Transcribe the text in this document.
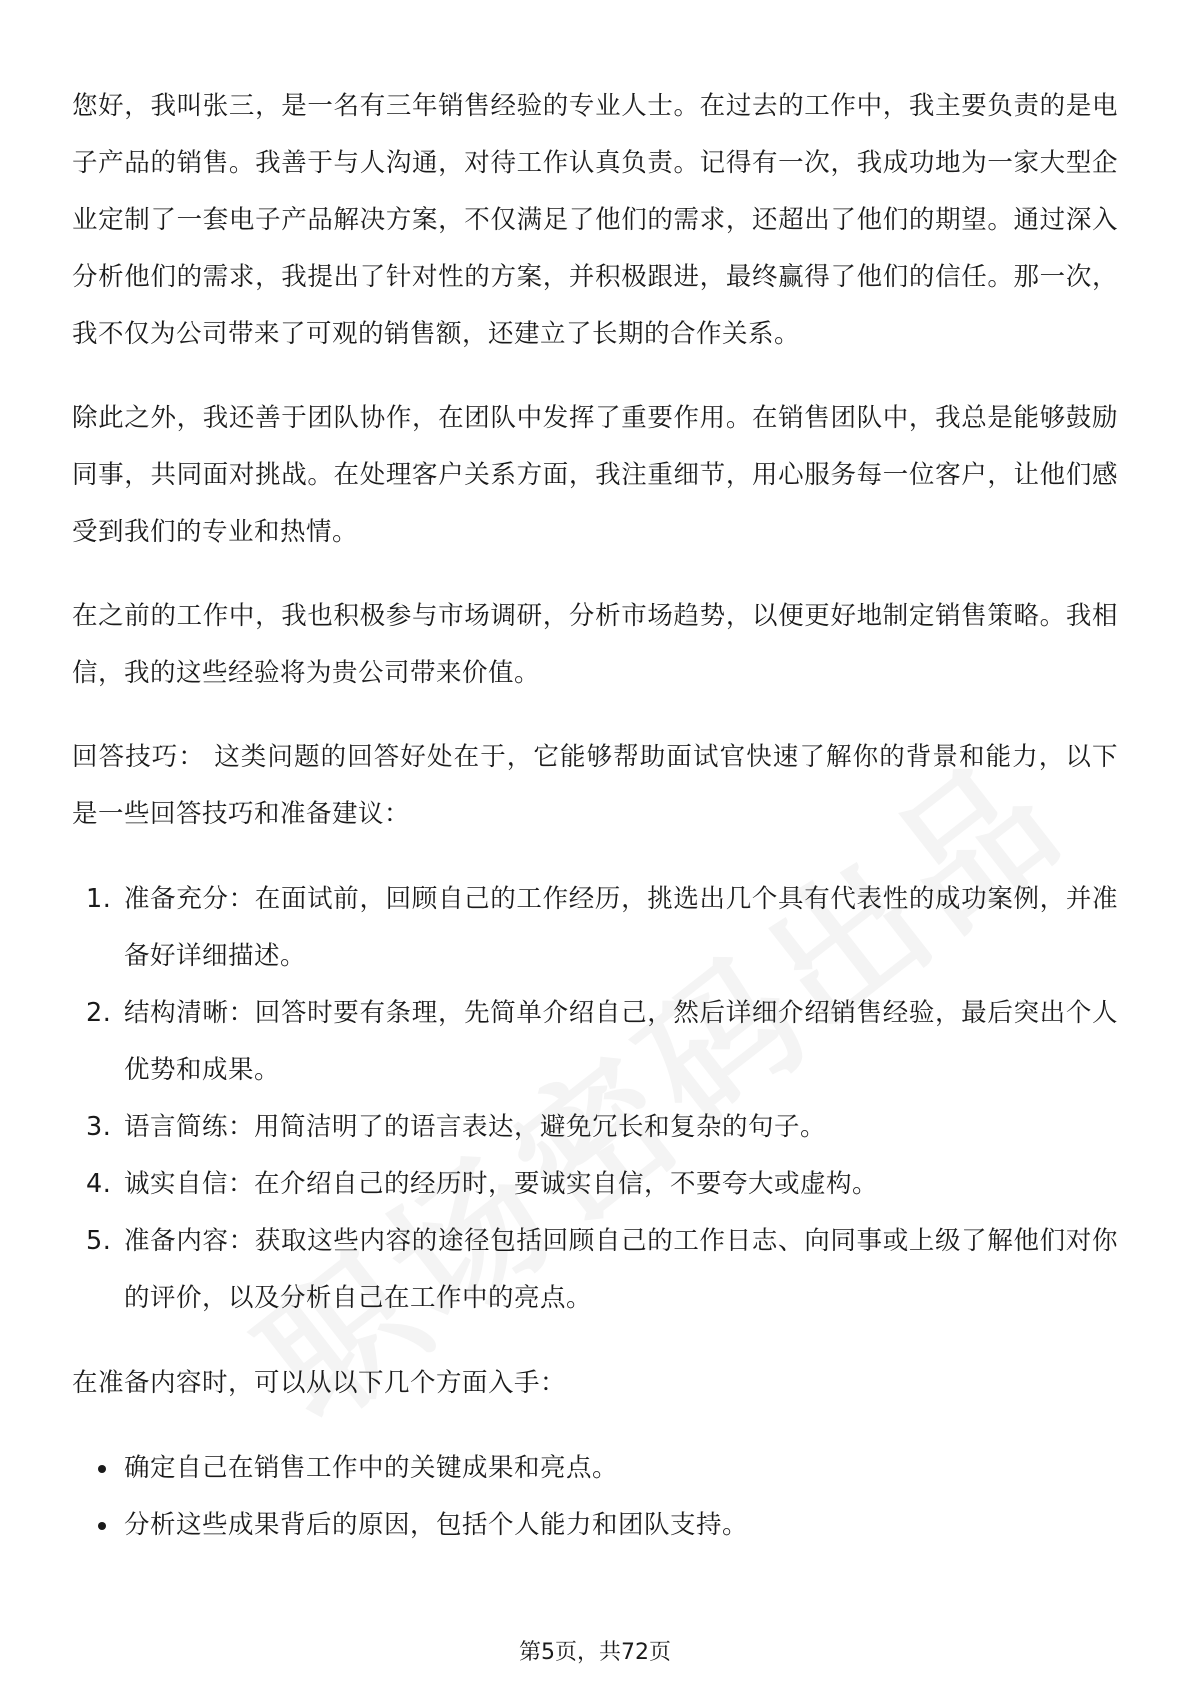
您好，我叫张三，是一名有三年销售经验的专业人士。在过去的工作中，我主要负责的是电子产品的销售。我善于与人沟通，对待工作认真负责。记得有一次，我成功地为一家大型企业定制了一套电子产品解决方案，不仅满足了他们的需求，还超出了他们的期望。通过深入分析他们的需求，我提出了针对性的方案，并积极跟进，最终赢得了他们的信任。那一次，我不仅为公司带来了可观的销售额，还建立了长期的合作关系。

除此之外，我还善于团队协作，在团队中发挥了重要作用。在销售团队中，我总是能够鼓励同事，共同面对挑战。在处理客户关系方面，我注重细节，用心服务每一位客户，让他们感受到我们的专业和热情。

在之前的工作中，我也积极参与市场调研，分析市场趋势，以便更好地制定销售策略。我相信，我的这些经验将为贵公司带来价值。

回答技巧： 这类问题的回答好处在于，它能够帮助面试官快速了解你的背景和能力，以下是一些回答技巧和准备建议：

1. 准备充分：在面试前，回顾自己的工作经历，挑选出几个具有代表性的成功案例，并准备好详细描述。
2. 结构清晰：回答时要有条理，先简单介绍自己，然后详细介绍销售经验，最后突出个人优势和成果。
3. 语言简练：用简洁明了的语言表达，避免冗长和复杂的句子。
4. 诚实自信：在介绍自己的经历时，要诚实自信，不要夸大或虚构。
5. 准备内容：获取这些内容的途径包括回顾自己的工作日志、向同事或上级了解他们对你的评价，以及分析自己在工作中的亮点。

在准备内容时，可以从以下几个方面入手：

确定自己在销售工作中的关键成果和亮点。
分析这些成果背后的原因，包括个人能力和团队支持。
第5页，共72页
